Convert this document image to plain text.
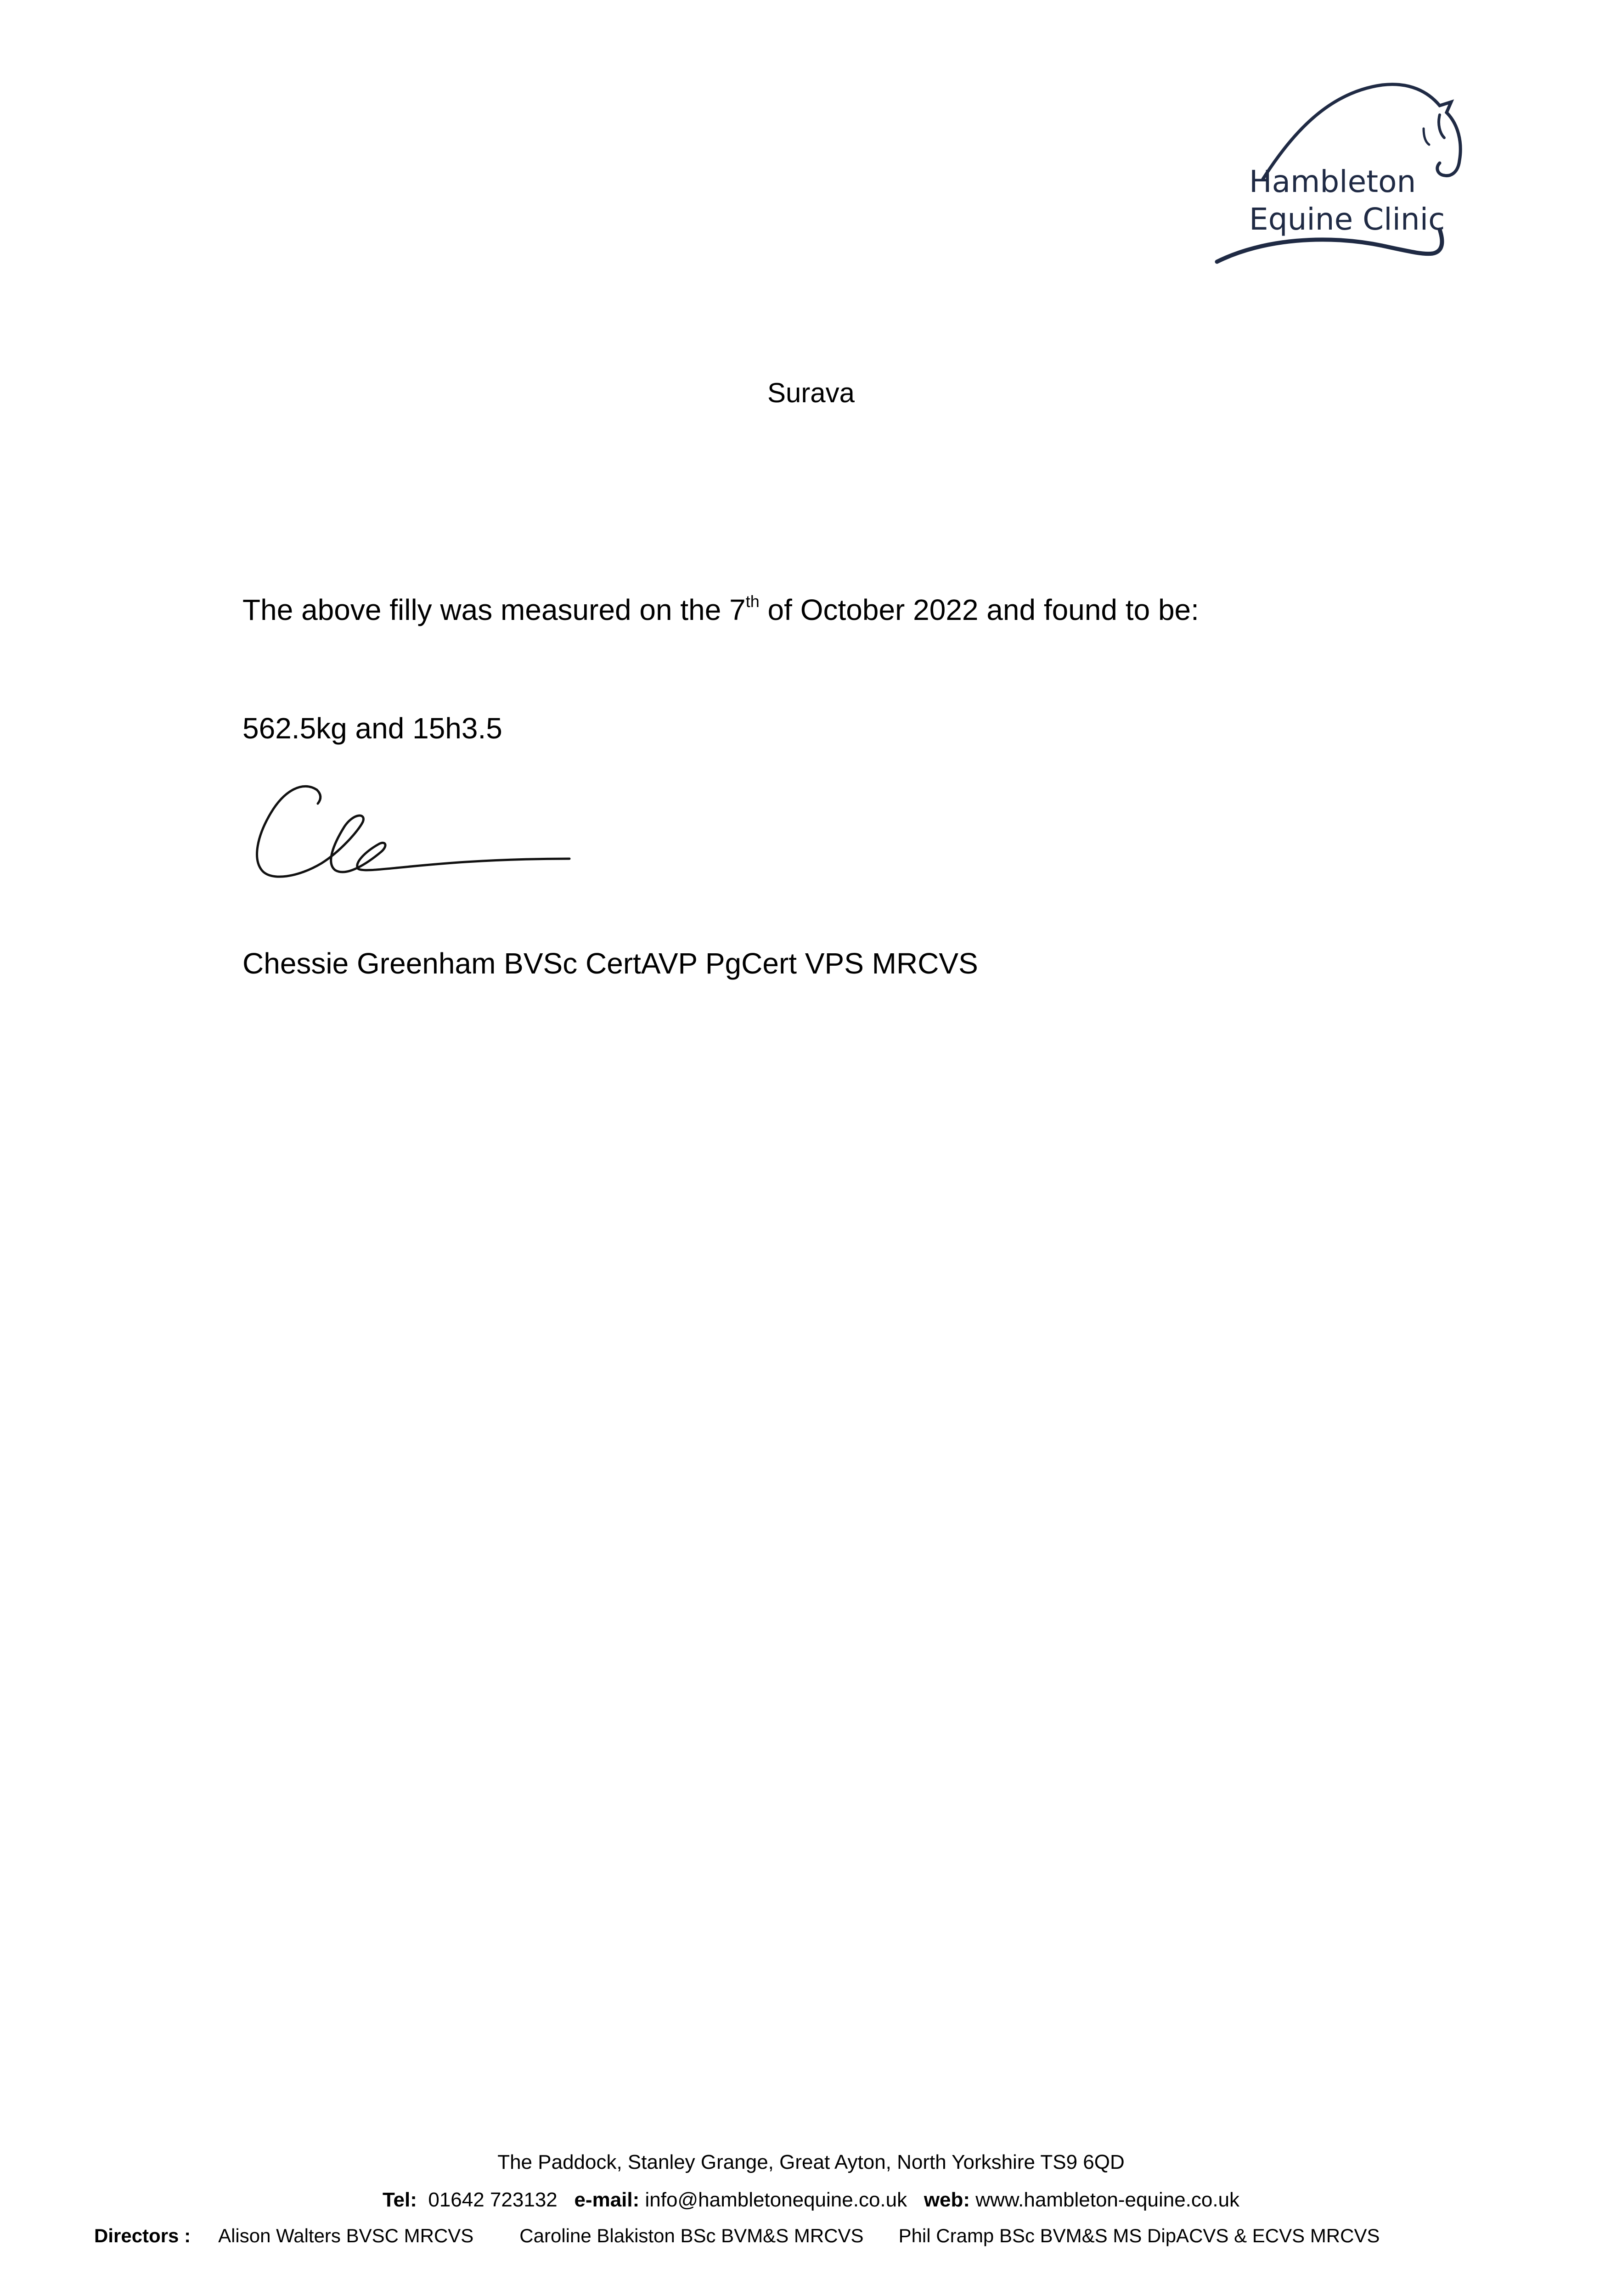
Hambleton
Equine Clinic
Surava
The above filly was measured on the 7th of October 2022 and found to be:
562.5kg and 15h3.5
Chessie Greenham BVSc CertAVP PgCert VPS MRCVS
The Paddock, Stanley Grange, Great Ayton, North Yorkshire TS9 6QD
Tel: 01642 723132 e-mail: info@hambletonequine.co.uk web: www.hambleton-equine.co.uk
Directors : Alison Walters BVSC MRCVS Caroline Blakiston BSc BVM&S MRCVS Phil Cramp BSc BVM&S MS DipACVS & ECVS MRCVS
